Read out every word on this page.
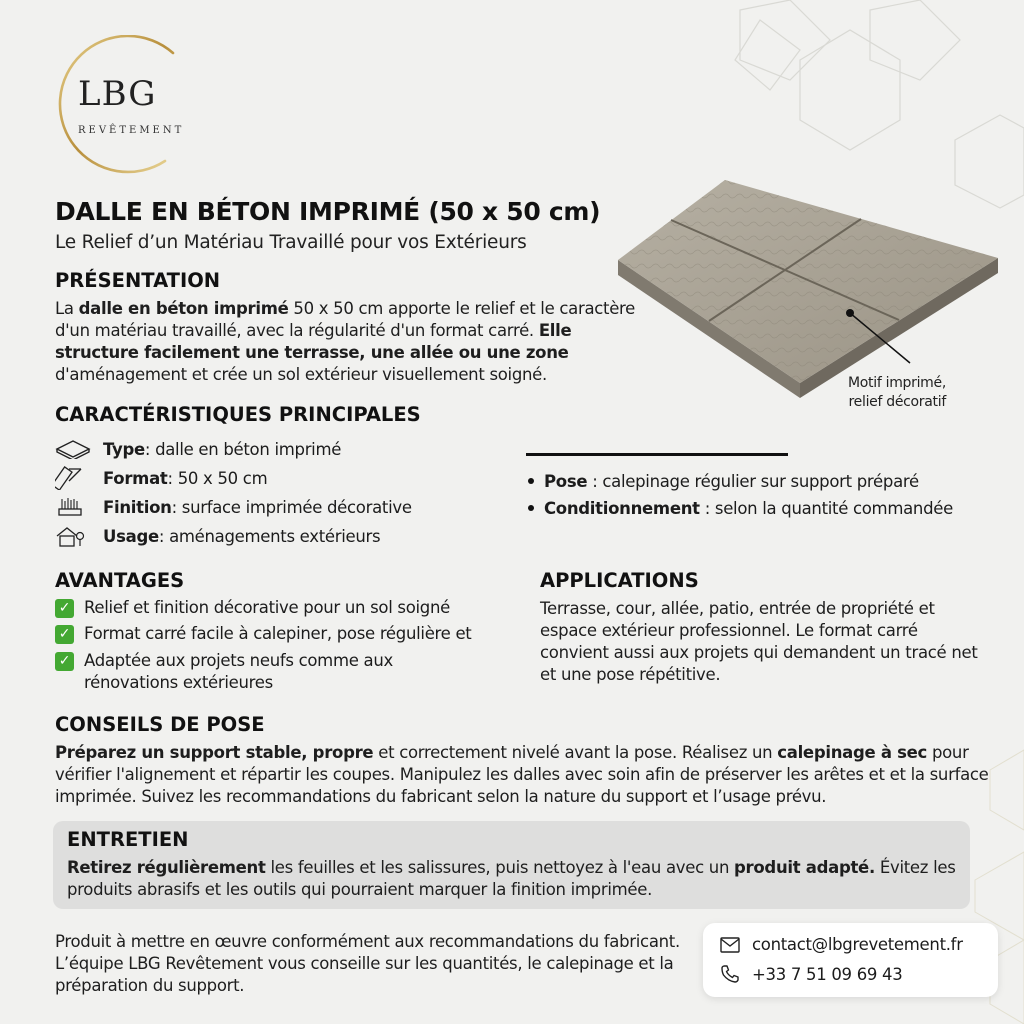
LBG
REVÊTEMENT
DALLE EN BÉTON IMPRIMÉ (50 x 50 cm)

Le Relief d’un Matériau Travaillé pour vos Extérieurs

PRÉSENTATION

La dalle en béton imprimé 50 x 50 cm apporte le relief et le caractère d'un matériau travaillé, avec la régularité d'un format carré. Elle structure facilement une terrasse, une allée ou une zone d'aménagement et crée un sol extérieur visuellement soigné.	Motif imprimé,
relief décoratif
CARACTÉRISTIQUES PRINCIPALES
Type : dalle en béton imprimé
Format : 50 x 50 cm
Finition : surface imprimée décorative
Usage : aménagements extérieurs
Pose : calepinage régulier sur support préparé
Conditionnement : selon la quantité commandée
AVANTAGES
✓ Relief et finition décorative pour un sol soigné
✓ Format carré facile à calepiner, pose régulière et
✓ Adaptée aux projets neufs comme aux rénovations extérieures
APPLICATIONS

Terrasse, cour, allée, patio, entrée de propriété et espace extérieur professionnel. Le format carré convient aussi aux projets qui demandent un tracé net et une pose répétitive.

CONSEILS DE POSE

Préparez un support stable, propre et correctement nivelé avant la pose. Réalisez un calepinage à sec pour vérifier l'alignement et répartir les coupes. Manipulez les dalles avec soin afin de préserver les arêtes et et la surface imprimée. Suivez les recommandations du fabricant selon la nature du support et l’usage prévu.

ENTRETIEN

Retirez régulièrement les feuilles et les salissures, puis nettoyez à l'eau avec un produit adapté. Évitez les produits abrasifs et les outils qui pourraient marquer la finition imprimée.

Produit à mettre en œuvre conformément aux recommandations du fabricant. L’équipe LBG Revêtement vous conseille sur les quantités, le calepinage et la préparation du support.

contact@lbgrevetement.fr
+33 7 51 09 69 43
